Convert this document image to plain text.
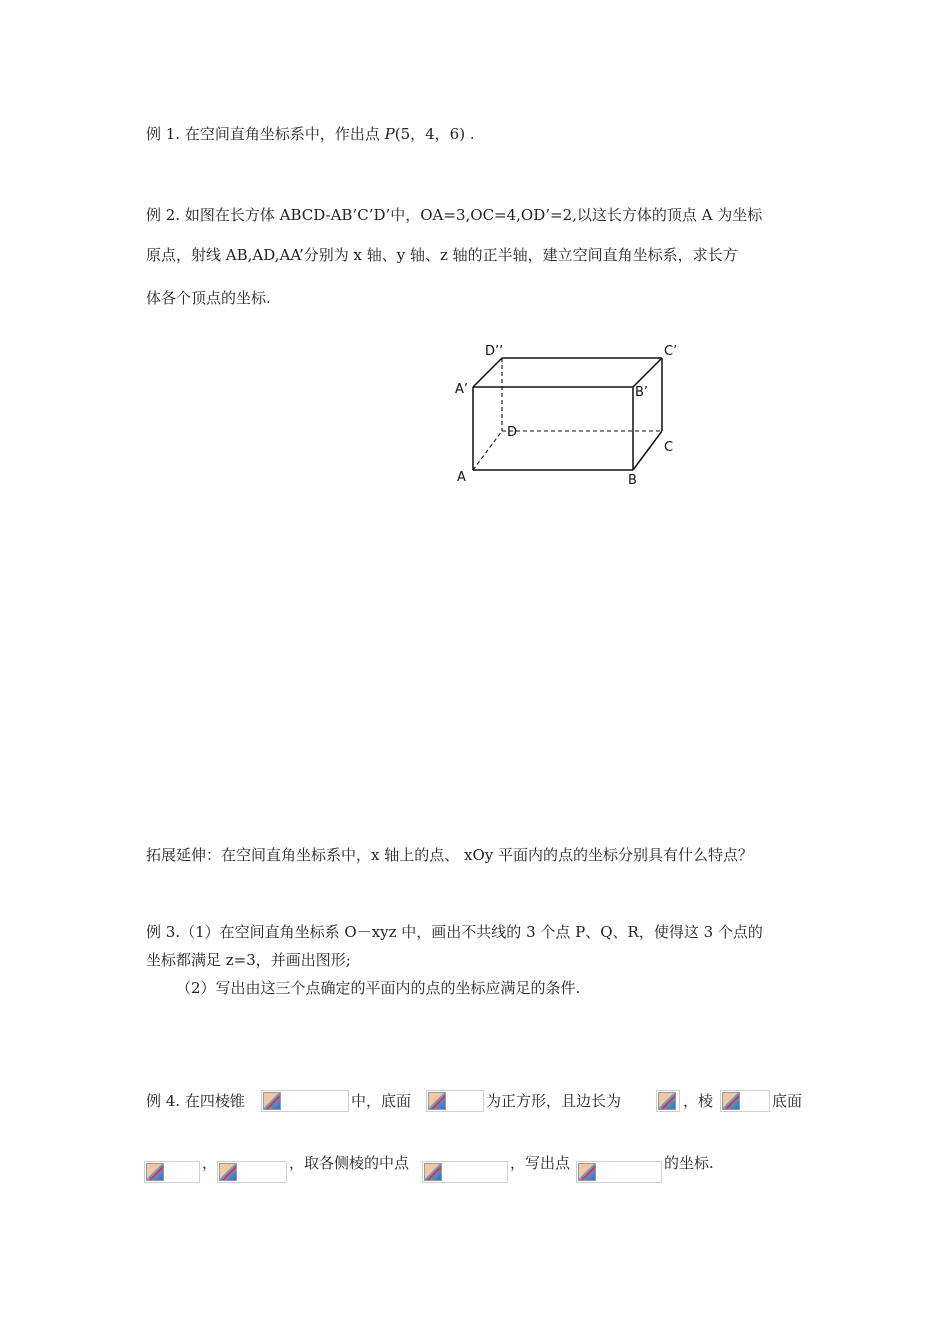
例 1. 在空间直角坐标系中，作出点 P(5，4，6) .
例 2. 如图在长方体 ABCD-AB’C’D’中，OA=3,OC=4,OD’=2,以这长方体的顶点 A 为坐标
原点，射线 AB,AD,AA’分别为 x 轴、y 轴、z 轴的正半轴，建立空间直角坐标系，求长方
体各个顶点的坐标.
D’’	C’
A’	B’
D
C
A	B
拓展延伸：在空间直角坐标系中，x 轴上的点、 xOy 平面内的点的坐标分别具有什么特点？
例 3.（1）在空间直角坐标系 O－xyz 中，画出不共线的 3 个点 P、Q、R，使得这 3 个点的
坐标都满足 z=3，并画出图形;
（2）写出由这三个点确定的平面内的点的坐标应满足的条件.
例 4. 在四棱锥	中，底面	为正方形，且边长为	，棱	底面
，	，取各侧棱的中点	，写出点	的坐标.
